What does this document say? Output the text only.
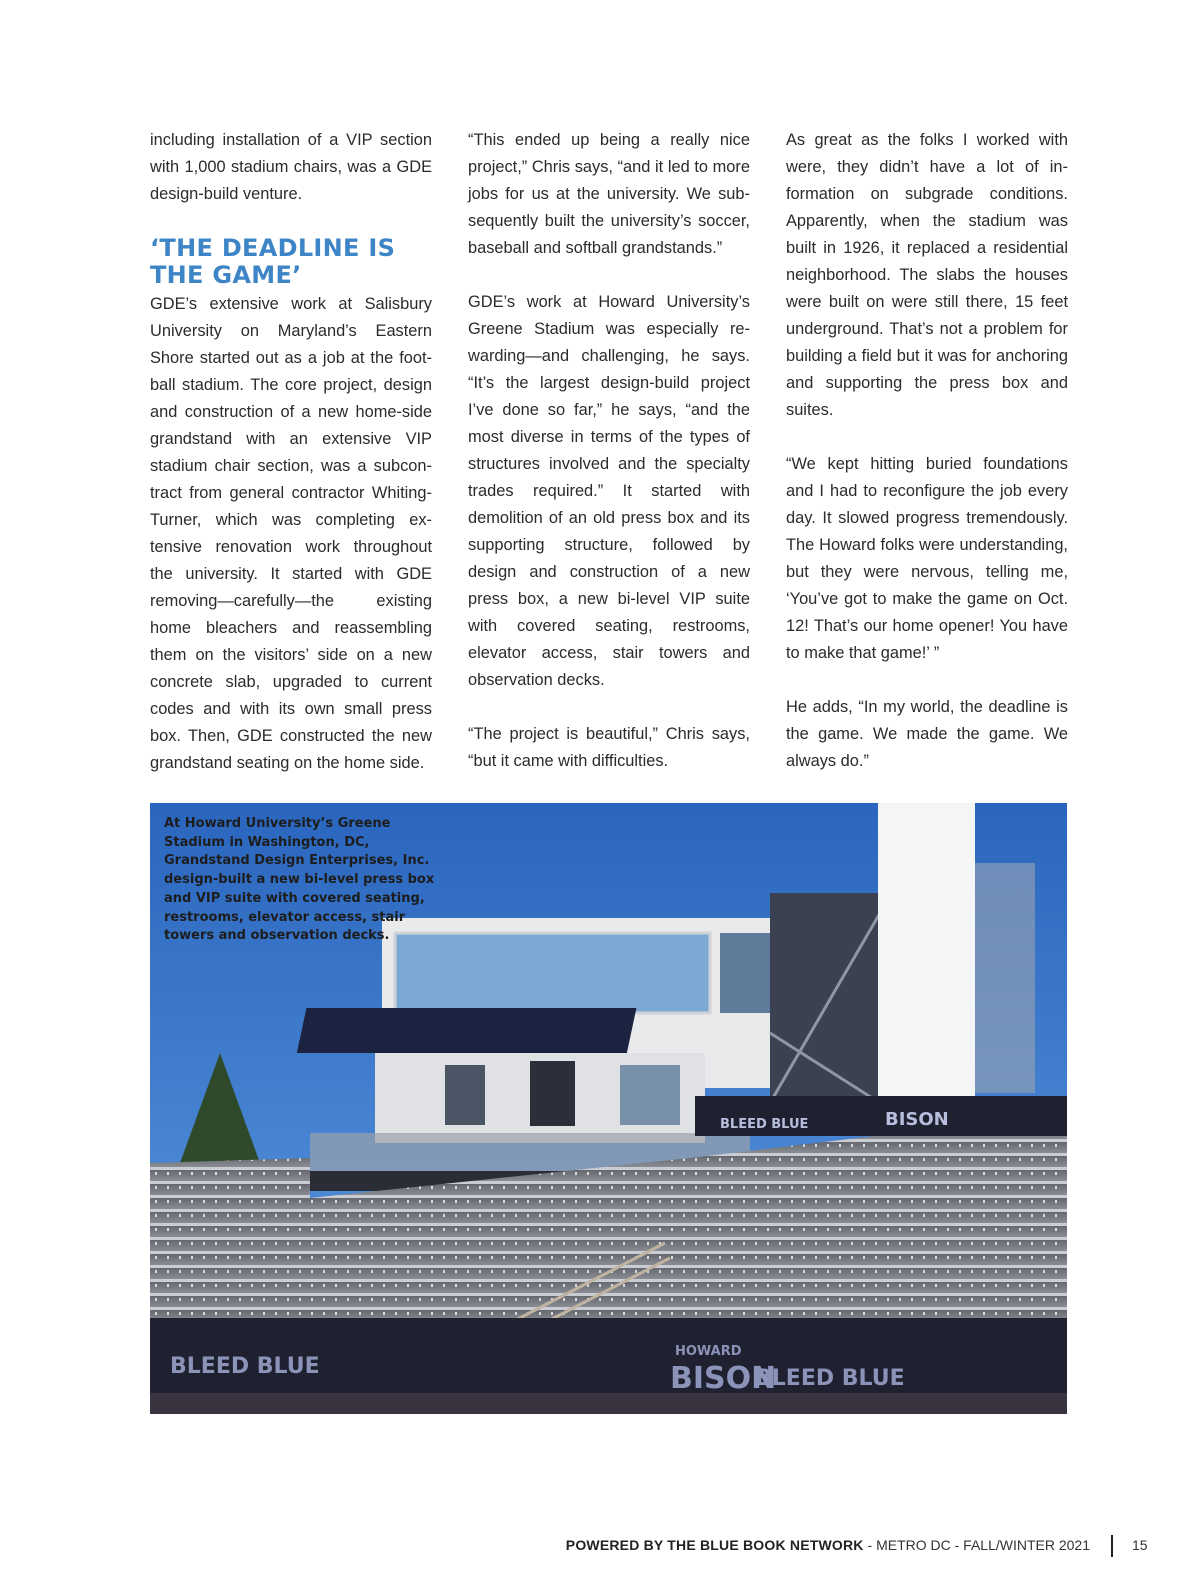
including installation of a VIP section with 1,000 stadium chairs, was a GDE design-build venture.

‘THE DEADLINE IS THE GAME’

GDE’s extensive work at Salisbury University on Maryland’s Eastern Shore started out as a job at the football stadium. The core project, design and construction of a new home-side grandstand with an extensive VIP stadium chair section, was a subcontract from general contractor Whiting-Turner, which was completing extensive renovation work throughout the university. It started with GDE removing—carefully—the existing home bleachers and reassembling them on the visitors’ side on a new concrete slab, upgraded to current codes and with its own small press box. Then, GDE constructed the new grandstand seating on the home side.

“This ended up being a really nice project,” Chris says, “and it led to more jobs for us at the university. We subsequently built the university’s soccer, baseball and softball grandstands.”

GDE’s work at Howard University’s Greene Stadium was especially rewarding—and challenging, he says. “It’s the largest design-build project I’ve done so far,” he says, “and the most diverse in terms of the types of structures involved and the specialty trades required.” It started with demolition of an old press box and its supporting structure, followed by design and construction of a new press box, a new bi-level VIP suite with covered seating, restrooms, elevator access, stair towers and observation decks.

“The project is beautiful,” Chris says, “but it came with difficulties.

As great as the folks I worked with were, they didn’t have a lot of information on subgrade conditions. Apparently, when the stadium was built in 1926, it replaced a residential neighborhood. The slabs the houses were built on were still there, 15 feet underground. That’s not a problem for building a field but it was for anchoring and supporting the press box and suites.

“We kept hitting buried foundations and I had to reconfigure the job every day. It slowed progress tremendously. The Howard folks were understanding, but they were nervous, telling me, ‘You’ve got to make the game on Oct. 12! That’s our home opener! You have to make that game!’ ”

He adds, “In my world, the deadline is the game. We made the game. We always do.”

BLEED BLUE
HOWARD
BISON
BLEED BLUE
BLEED BLUE	BISON
At Howard University’s Greene Stadium in Washington, DC, Grandstand Design Enterprises, Inc. design-built a new bi-level press box and VIP suite with covered seating, restrooms, elevator access, stair towers and observation decks.
POWERED BY THE BLUE BOOK NETWORK - METRO DC - FALL/WINTER 2021	15
